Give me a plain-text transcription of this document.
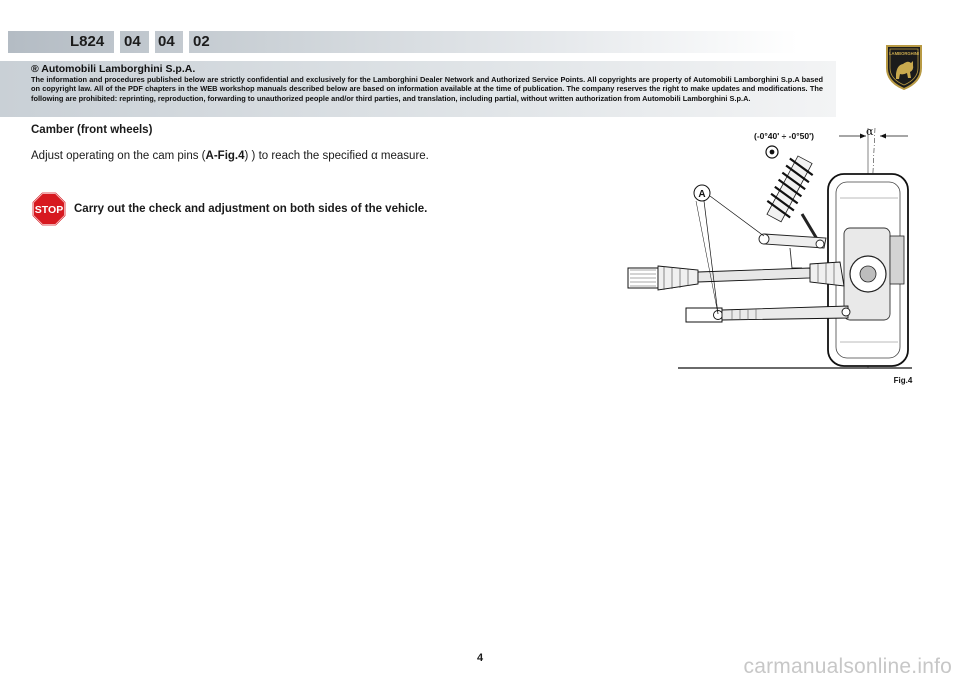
L824 04 04 02
LAMBORGHINI
® Automobili Lamborghini S.p.A.
The information and procedures published below are strictly confidential and exclusively for the Lamborghini Dealer Network and Authorized Service Points. All copyrights are property of Automobili Lamborghini S.p.A based on copyright law. All of the PDF chapters in the WEB workshop manuals described below are based on information available at the time of publication. The company reserves the right to make updates and modifications. The following are prohibited: reprinting, reproduction, forwarding to unauthorized people and/or third parties, and translation, including partial, without written authorization from Automobili Lamborghini S.p.A.
Camber (front wheels)
Adjust operating on the cam pins (A-Fig.4) ) to reach the specified α measure.
STOP Carry out the check and adjustment on both sides of the vehicle.
(-0°40' ÷ -0°50')	α
A
Fig.4
4	carmanualsonline.info
